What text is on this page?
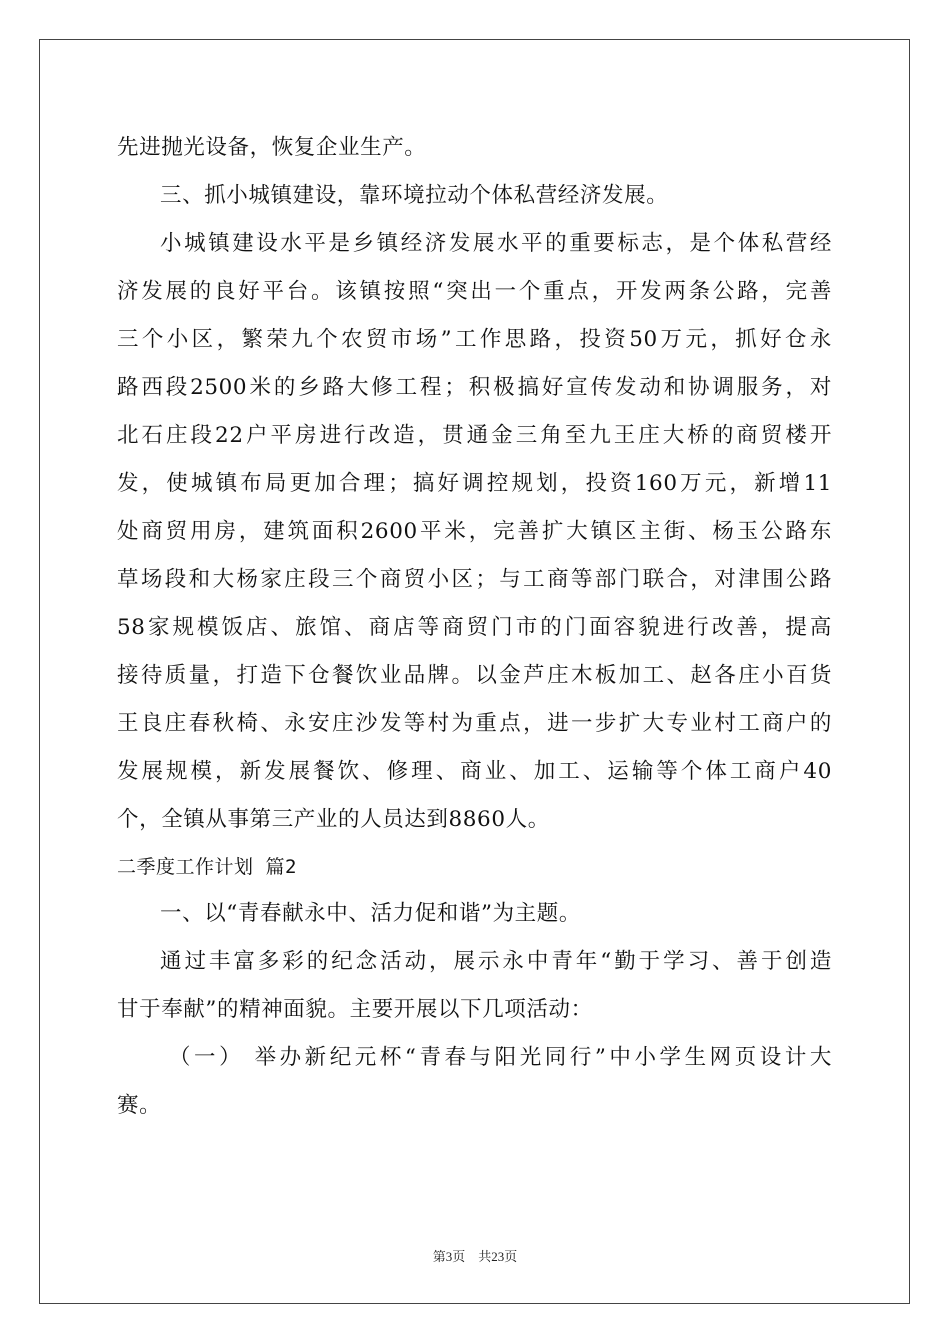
先进抛光设备，恢复企业生产。
三、抓小城镇建设，靠环境拉动个体私营经济发展。
小城镇建设水平是乡镇经济发展水平的重要标志，是个体私营经
济发展的良好平台。该镇按照“突出一个重点，开发两条公路，完善
三个小区，繁荣九个农贸市场”工作思路，投资50万元，抓好仓永
路西段2500米的乡路大修工程；积极搞好宣传发动和协调服务，对
北石庄段22户平房进行改造，贯通金三角至九王庄大桥的商贸楼开
发，使城镇布局更加合理；搞好调控规划，投资160万元，新增11
处商贸用房，建筑面积2600平米，完善扩大镇区主街、杨玉公路东
草场段和大杨家庄段三个商贸小区；与工商等部门联合，对津围公路
58家规模饭店、旅馆、商店等商贸门市的门面容貌进行改善，提高
接待质量，打造下仓餐饮业品牌。以金芦庄木板加工、赵各庄小百货
王良庄春秋椅、永安庄沙发等村为重点，进一步扩大专业村工商户的
发展规模，新发展餐饮、修理、商业、加工、运输等个体工商户40
个，全镇从事第三产业的人员达到8860人。
二季度工作计划 篇2
一、以“青春献永中、活力促和谐”为主题。
通过丰富多彩的纪念活动，展示永中青年“勤于学习、善于创造
甘于奉献”的精神面貌。主要开展以下几项活动：
（一） 举办新纪元杯“青春与阳光同行”中小学生网页设计大
赛。
第3页　共23页
